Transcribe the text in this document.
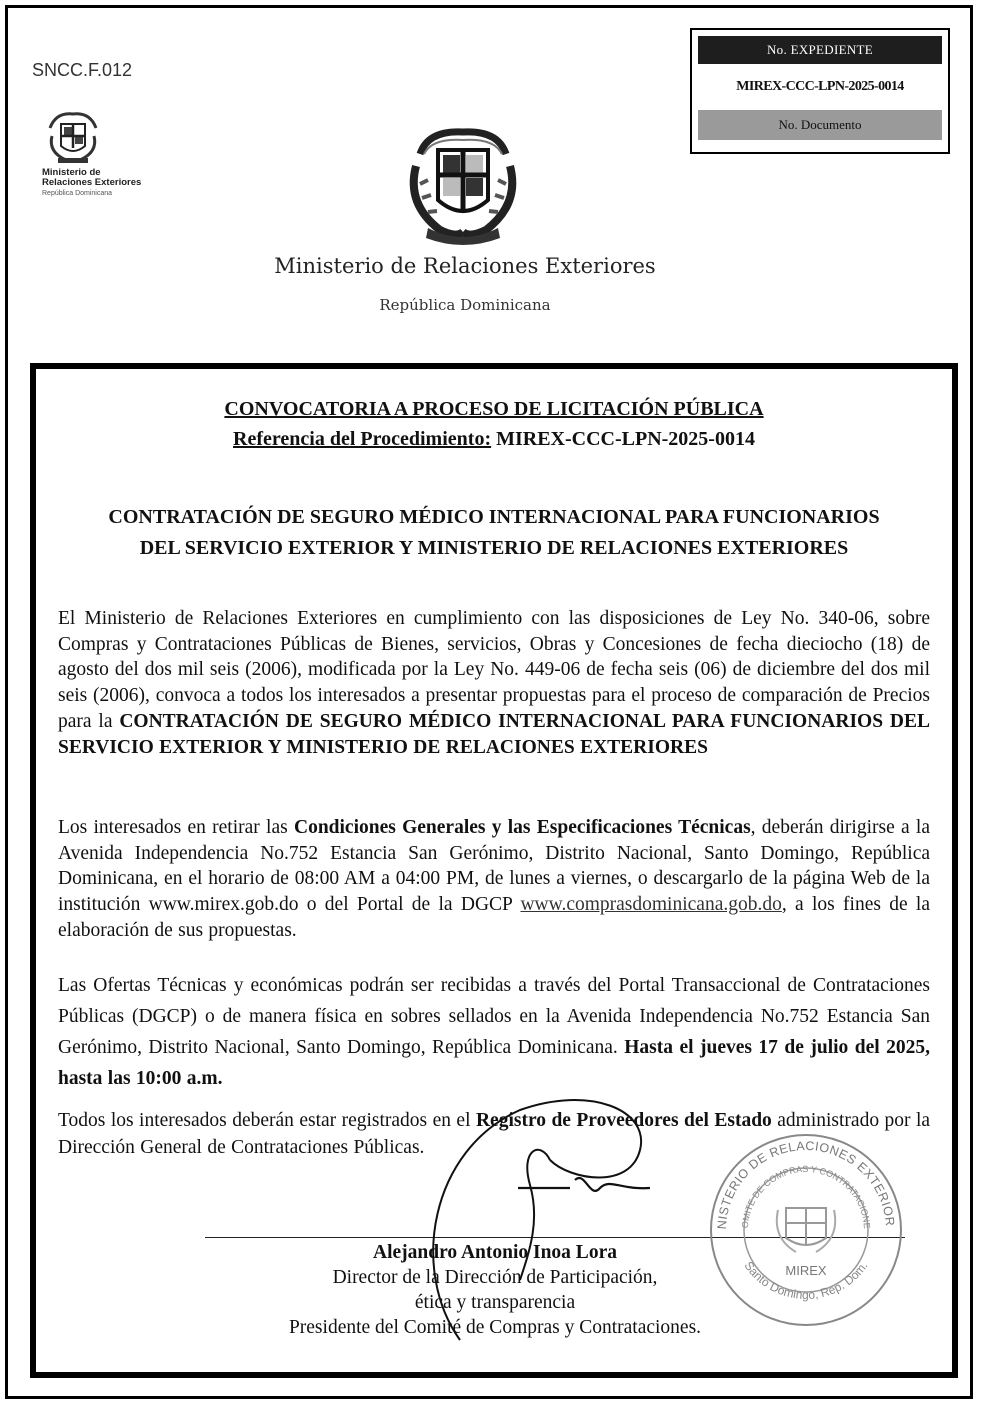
SNCC.F.012
No. EXPEDIENTE
MIREX-CCC-LPN-2025-0014
No. Documento
Ministerio de
Relaciones Exteriores
República Dominicana
Ministerio de Relaciones Exteriores
República Dominicana
CONVOCATORIA A PROCESO DE LICITACIÓN PÚBLICA
Referencia del Procedimiento: MIREX-CCC-LPN-2025-0014
CONTRATACIÓN DE SEGURO MÉDICO INTERNACIONAL PARA FUNCIONARIOS
DEL SERVICIO EXTERIOR Y MINISTERIO DE RELACIONES EXTERIORES
El Ministerio de Relaciones Exteriores en cumplimiento con las disposiciones de Ley No. 340-06, sobre Compras y Contrataciones Públicas de Bienes, servicios, Obras y Concesiones de fecha dieciocho (18) de agosto del dos mil seis (2006), modificada por la Ley No. 449-06 de fecha seis (06) de diciembre del dos mil seis (2006), convoca a todos los interesados a presentar propuestas para el proceso de comparación de Precios para la CONTRATACIÓN DE SEGURO MÉDICO INTERNACIONAL PARA FUNCIONARIOS DEL SERVICIO EXTERIOR Y MINISTERIO DE RELACIONES EXTERIORES
Los interesados en retirar las Condiciones Generales y las Especificaciones Técnicas, deberán dirigirse a la Avenida Independencia No.752 Estancia San Gerónimo, Distrito Nacional, Santo Domingo, República Dominicana, en el horario de 08:00 AM a 04:00 PM, de lunes a viernes, o descargarlo de la página Web de la institución www.mirex.gob.do o del Portal de la DGCP www.comprasdominicana.gob.do, a los fines de la elaboración de sus propuestas.
Las Ofertas Técnicas y económicas podrán ser recibidas a través del Portal Transaccional de Contrataciones Públicas (DGCP) o de manera física en sobres sellados en la Avenida Independencia No.752 Estancia San Gerónimo, Distrito Nacional, Santo Domingo, República Dominicana. Hasta el jueves 17 de julio del 2025, hasta las 10:00 a.m.
Todos los interesados deberán estar registrados en el Registro de Proveedores del Estado administrado por la Dirección General de Contrataciones Públicas.
Alejandro Antonio Inoa Lora
Director de la Dirección de Participación,
ética y transparencia
Presidente del Comité de Compras y Contrataciones.
NISTERIO DE RELACIONES EXTERIOR
OMITE DE COMPRAS Y CONTRATACIONE
MIREX
Santo Domingo, Rep. Dom.
